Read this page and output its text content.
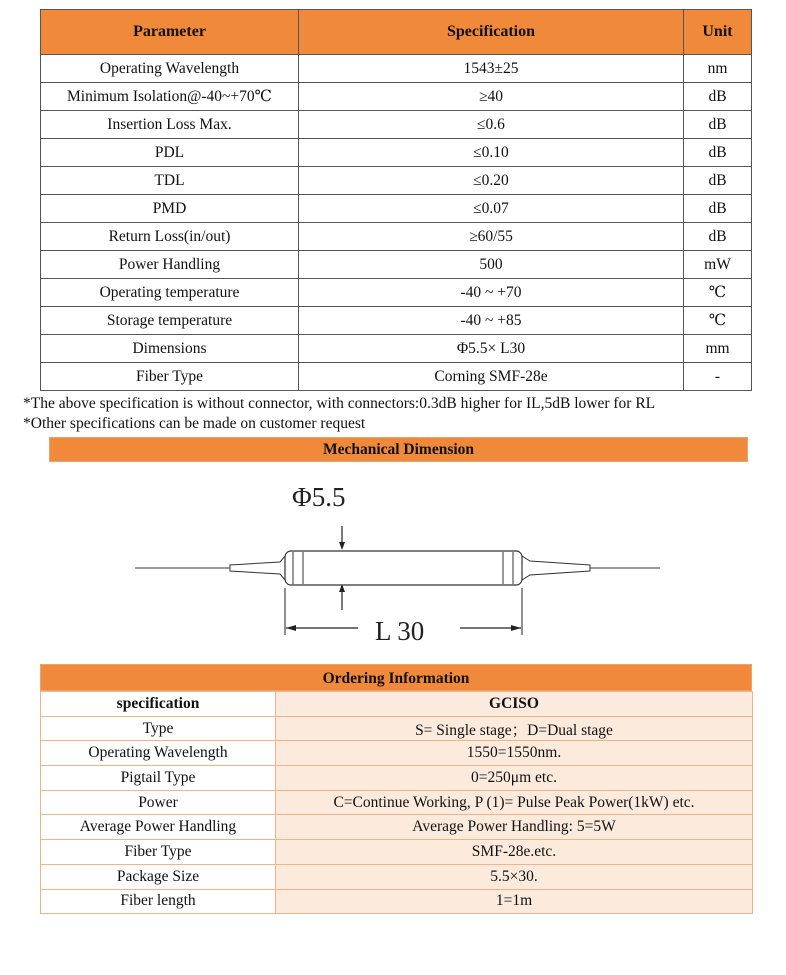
Parameter	Specification	Unit
Operating Wavelength	1543±25	nm
Minimum Isolation@-40~+70℃	≥40	dB
Insertion Loss Max.	≤0.6	dB
PDL	≤0.10	dB
TDL	≤0.20	dB
PMD	≤0.07	dB
Return Loss(in/out)	≥60/55	dB
Power Handling	500	mW
Operating temperature	-40 ~ +70	℃
Storage temperature	-40 ~ +85	℃
Dimensions	Φ5.5× L30	mm
Fiber Type	Corning SMF-28e	-
*The above specification is without connector, with connectors:0.3dB higher for IL,5dB lower for RL
*Other specifications can be made on customer request
Mechanical Dimension
Φ5.5
L 30
Ordering Information
specification	GCISO
Type	S= Single stage；D=Dual stage
Operating Wavelength	1550=1550nm.
Pigtail Type	0=250μm etc.
Power	C=Continue Working, P (1)= Pulse Peak Power(1kW) etc.
Average Power Handling	Average Power Handling: 5=5W
Fiber Type	SMF-28e.etc.
Package Size	5.5×30.
Fiber length	1=1m
